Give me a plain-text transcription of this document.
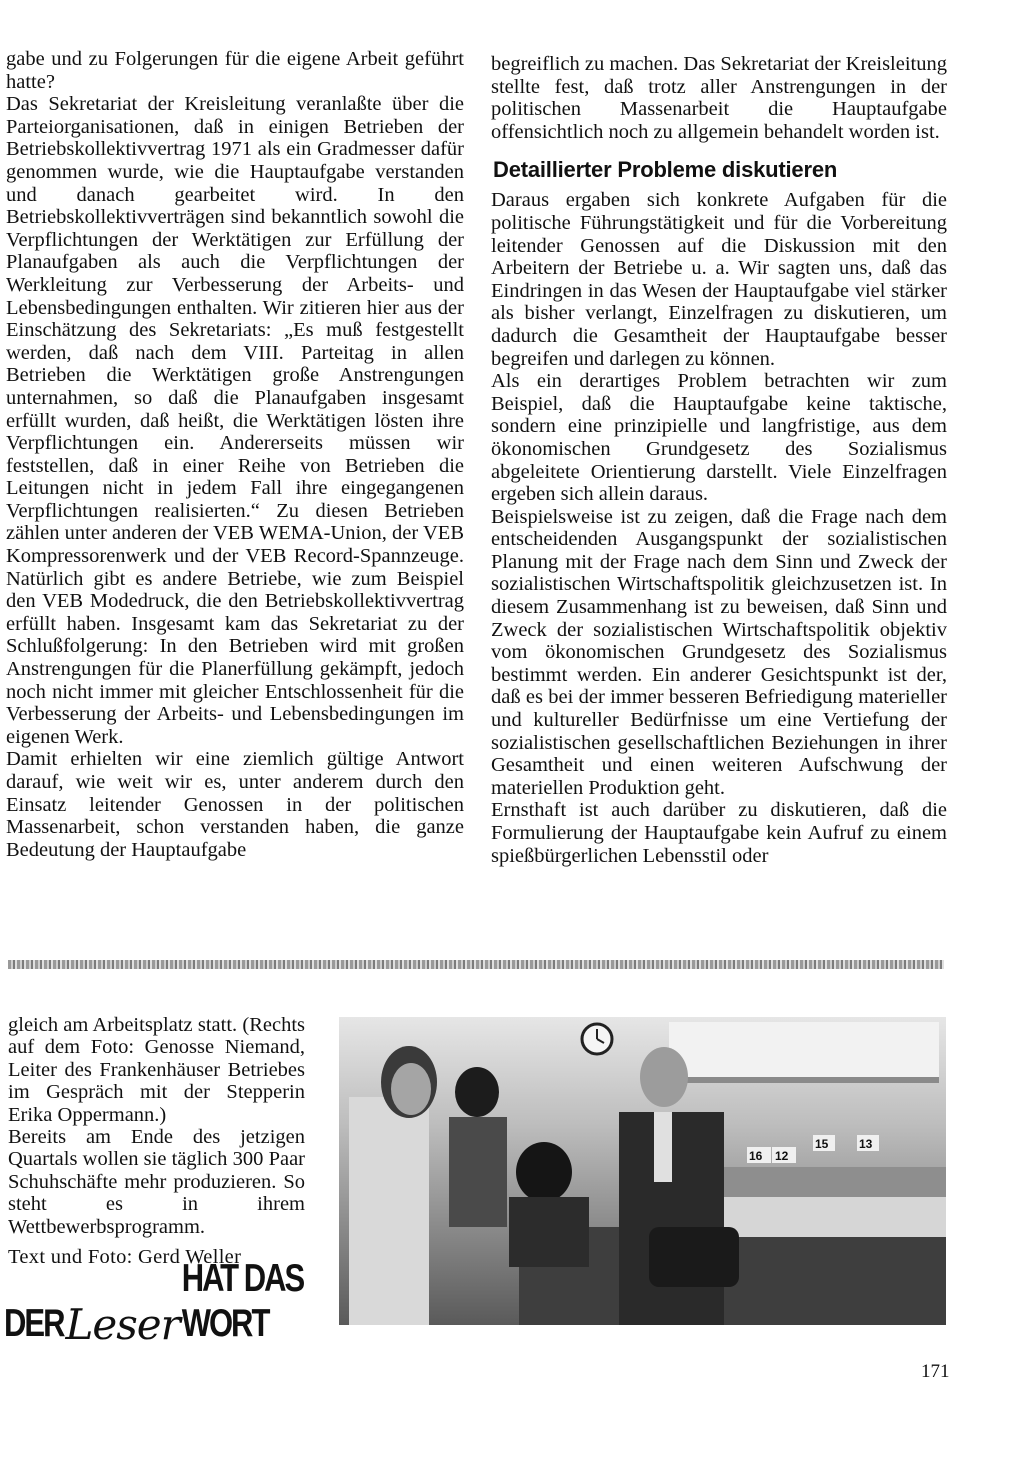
gabe und zu Folgerungen für die eigene Arbeit geführt hatte?

Das Sekretariat der Kreisleitung veranlaßte über die Parteiorganisationen, daß in einigen Betrieben der Betriebskollektivvertrag 1971 als ein Gradmesser dafür genommen wurde, wie die Hauptaufgabe verstanden und danach gearbeitet wird. In den Betriebskollektivverträgen sind bekanntlich sowohl die Verpflichtungen der Werktätigen zur Erfüllung der Planaufgaben als auch die Verpflichtungen der Werkleitung zur Verbesserung der Arbeits- und Lebensbedingungen enthalten. Wir zitieren hier aus der Einschätzung des Sekretariats: „Es muß festgestellt werden, daß nach dem VIII. Parteitag in allen Betrieben die Werktätigen große Anstrengungen unternahmen, so daß die Planaufgaben insgesamt erfüllt wurden, daß heißt, die Werktätigen lösten ihre Verpflichtungen ein. Andererseits müssen wir feststellen, daß in einer Reihe von Betrieben die Leitungen nicht in jedem Fall ihre eingegangenen Verpflichtungen realisierten.“ Zu diesen Betrieben zählen unter anderen der VEB WEMA-Union, der VEB Kompressorenwerk und der VEB Record-Spannzeuge. Natürlich gibt es andere Betriebe, wie zum Beispiel den VEB Modedruck, die den Betriebskollektivvertrag erfüllt haben. Insgesamt kam das Sekretariat zu der Schlußfolgerung: In den Betrieben wird mit großen Anstrengungen für die Planerfüllung gekämpft, jedoch noch nicht immer mit gleicher Entschlossenheit für die Verbesserung der Arbeits- und Lebensbedingungen im eigenen Werk.

Damit erhielten wir eine ziemlich gültige Antwort darauf, wie weit wir es, unter anderem durch den Einsatz leitender Genossen in der politischen Massenarbeit, schon verstanden haben, die ganze Bedeutung der Hauptaufgabe

begreiflich zu machen. Das Sekretariat der Kreisleitung stellte fest, daß trotz aller Anstrengungen in der politischen Massenarbeit die Hauptaufgabe offensichtlich noch zu allgemein behandelt worden ist.

Detaillierter Probleme diskutieren

Daraus ergaben sich konkrete Aufgaben für die politische Führungstätigkeit und für die Vorbereitung leitender Genossen auf die Diskussion mit den Arbeitern der Betriebe u. a. Wir sagten uns, daß das Eindringen in das Wesen der Hauptaufgabe viel stärker als bisher verlangt, Einzelfragen zu diskutieren, um dadurch die Gesamtheit der Hauptaufgabe besser begreifen und darlegen zu können.

Als ein derartiges Problem betrachten wir zum Beispiel, daß die Hauptaufgabe keine taktische, sondern eine prinzipielle und langfristige, aus dem ökonomischen Grundgesetz des Sozialismus abgeleitete Orientierung darstellt. Viele Einzelfragen ergeben sich allein daraus.

Beispielsweise ist zu zeigen, daß die Frage nach dem entscheidenden Ausgangspunkt der sozialistischen Planung mit der Frage nach dem Sinn und Zweck der sozialistischen Wirtschaftspolitik gleichzusetzen ist. In diesem Zusammenhang ist zu beweisen, daß Sinn und Zweck der sozialistischen Wirtschaftspolitik objektiv vom ökonomischen Grundgesetz des Sozialismus bestimmt werden. Ein anderer Gesichtspunkt ist der, daß es bei der immer besseren Befriedigung materieller und kultureller Bedürfnisse um eine Vertiefung der sozialistischen gesellschaftlichen Beziehungen in ihrer Gesamtheit und einen weiteren Aufschwung der materiellen Produktion geht.

Ernsthaft ist auch darüber zu diskutieren, daß die Formulierung der Hauptaufgabe kein Aufruf zu einem spießbürgerlichen Lebensstil oder

gleich am Arbeitsplatz statt. (Rechts auf dem Foto: Genosse Niemand, Leiter des Frankenhäuser Betriebes im Gespräch mit der Stepperin Erika Oppermann.)

Bereits am Ende des jetzigen Quartals wollen sie täglich 300 Paar Schuhschäfte mehr produzieren. So steht es in ihrem Wettbewerbsprogramm.

Text und Foto: Gerd Weller

DER Leser
HAT DAS WORT
16 12
15	13
171
